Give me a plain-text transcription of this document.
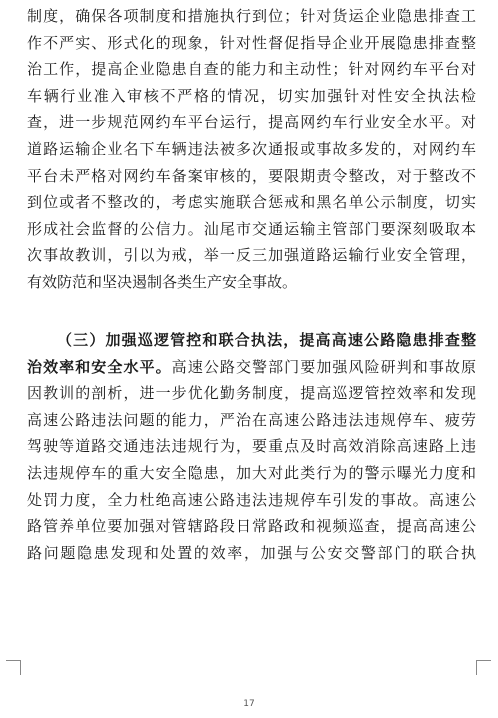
制度，确保各项制度和措施执行到位；针对货运企业隐患排查工
作不严实、形式化的现象，针对性督促指导企业开展隐患排查整
治工作，提高企业隐患自查的能力和主动性；针对网约车平台对
车辆行业准入审核不严格的情况，切实加强针对性安全执法检
查，进一步规范网约车平台运行，提高网约车行业安全水平。对
道路运输企业名下车辆违法被多次通报或事故多发的，对网约车
平台未严格对网约车备案审核的，要限期责令整改，对于整改不
到位或者不整改的，考虑实施联合惩戒和黑名单公示制度，切实
形成社会监督的公信力。汕尾市交通运输主管部门要深刻吸取本
次事故教训，引以为戒，举一反三加强道路运输行业安全管理，
有效防范和坚决遏制各类生产安全事故。
（三）加强巡逻管控和联合执法，提高高速公路隐患排查整
治效率和安全水平。高速公路交警部门要加强风险研判和事故原
因教训的剖析，进一步优化勤务制度，提高巡逻管控效率和发现
高速公路违法问题的能力，严治在高速公路违法违规停车、疲劳
驾驶等道路交通违法违规行为，要重点及时高效消除高速路上违
法违规停车的重大安全隐患，加大对此类行为的警示曝光力度和
处罚力度，全力杜绝高速公路违法违规停车引发的事故。高速公
路管养单位要加强对管辖路段日常路政和视频巡查，提高高速公
路问题隐患发现和处置的效率，加强与公安交警部门的联合执
17
